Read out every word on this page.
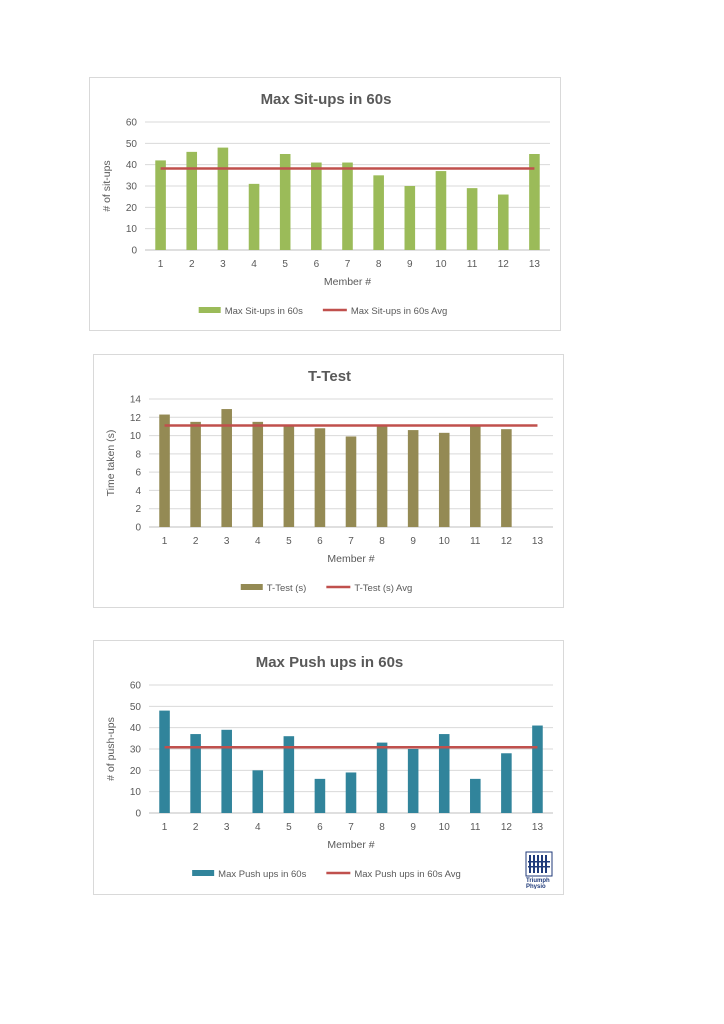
Max Sit-ups in 60s
0
10
20
30
40
50
60
1	2	3	4	5	6	7	8	9 10 11 12 13
Member #
# of sit-ups
Max Sit-ups in 60s	Max Sit-ups in 60s Avg
T-Test
0
2
4
6
8
10
12
14
1	2	3	4	5	6	7	8	9 10 11 12 13
Member #
Time taken (s)
T-Test (s)	T-Test (s) Avg
Max Push ups in 60s
0
10
20
30
40
50
60
1	2	3	4	5	6	7	8	9 10 11 12 13
Member #
# of push-ups
Max Push ups in 60s	Max Push ups in 60s Avg
Triumph
Physio
